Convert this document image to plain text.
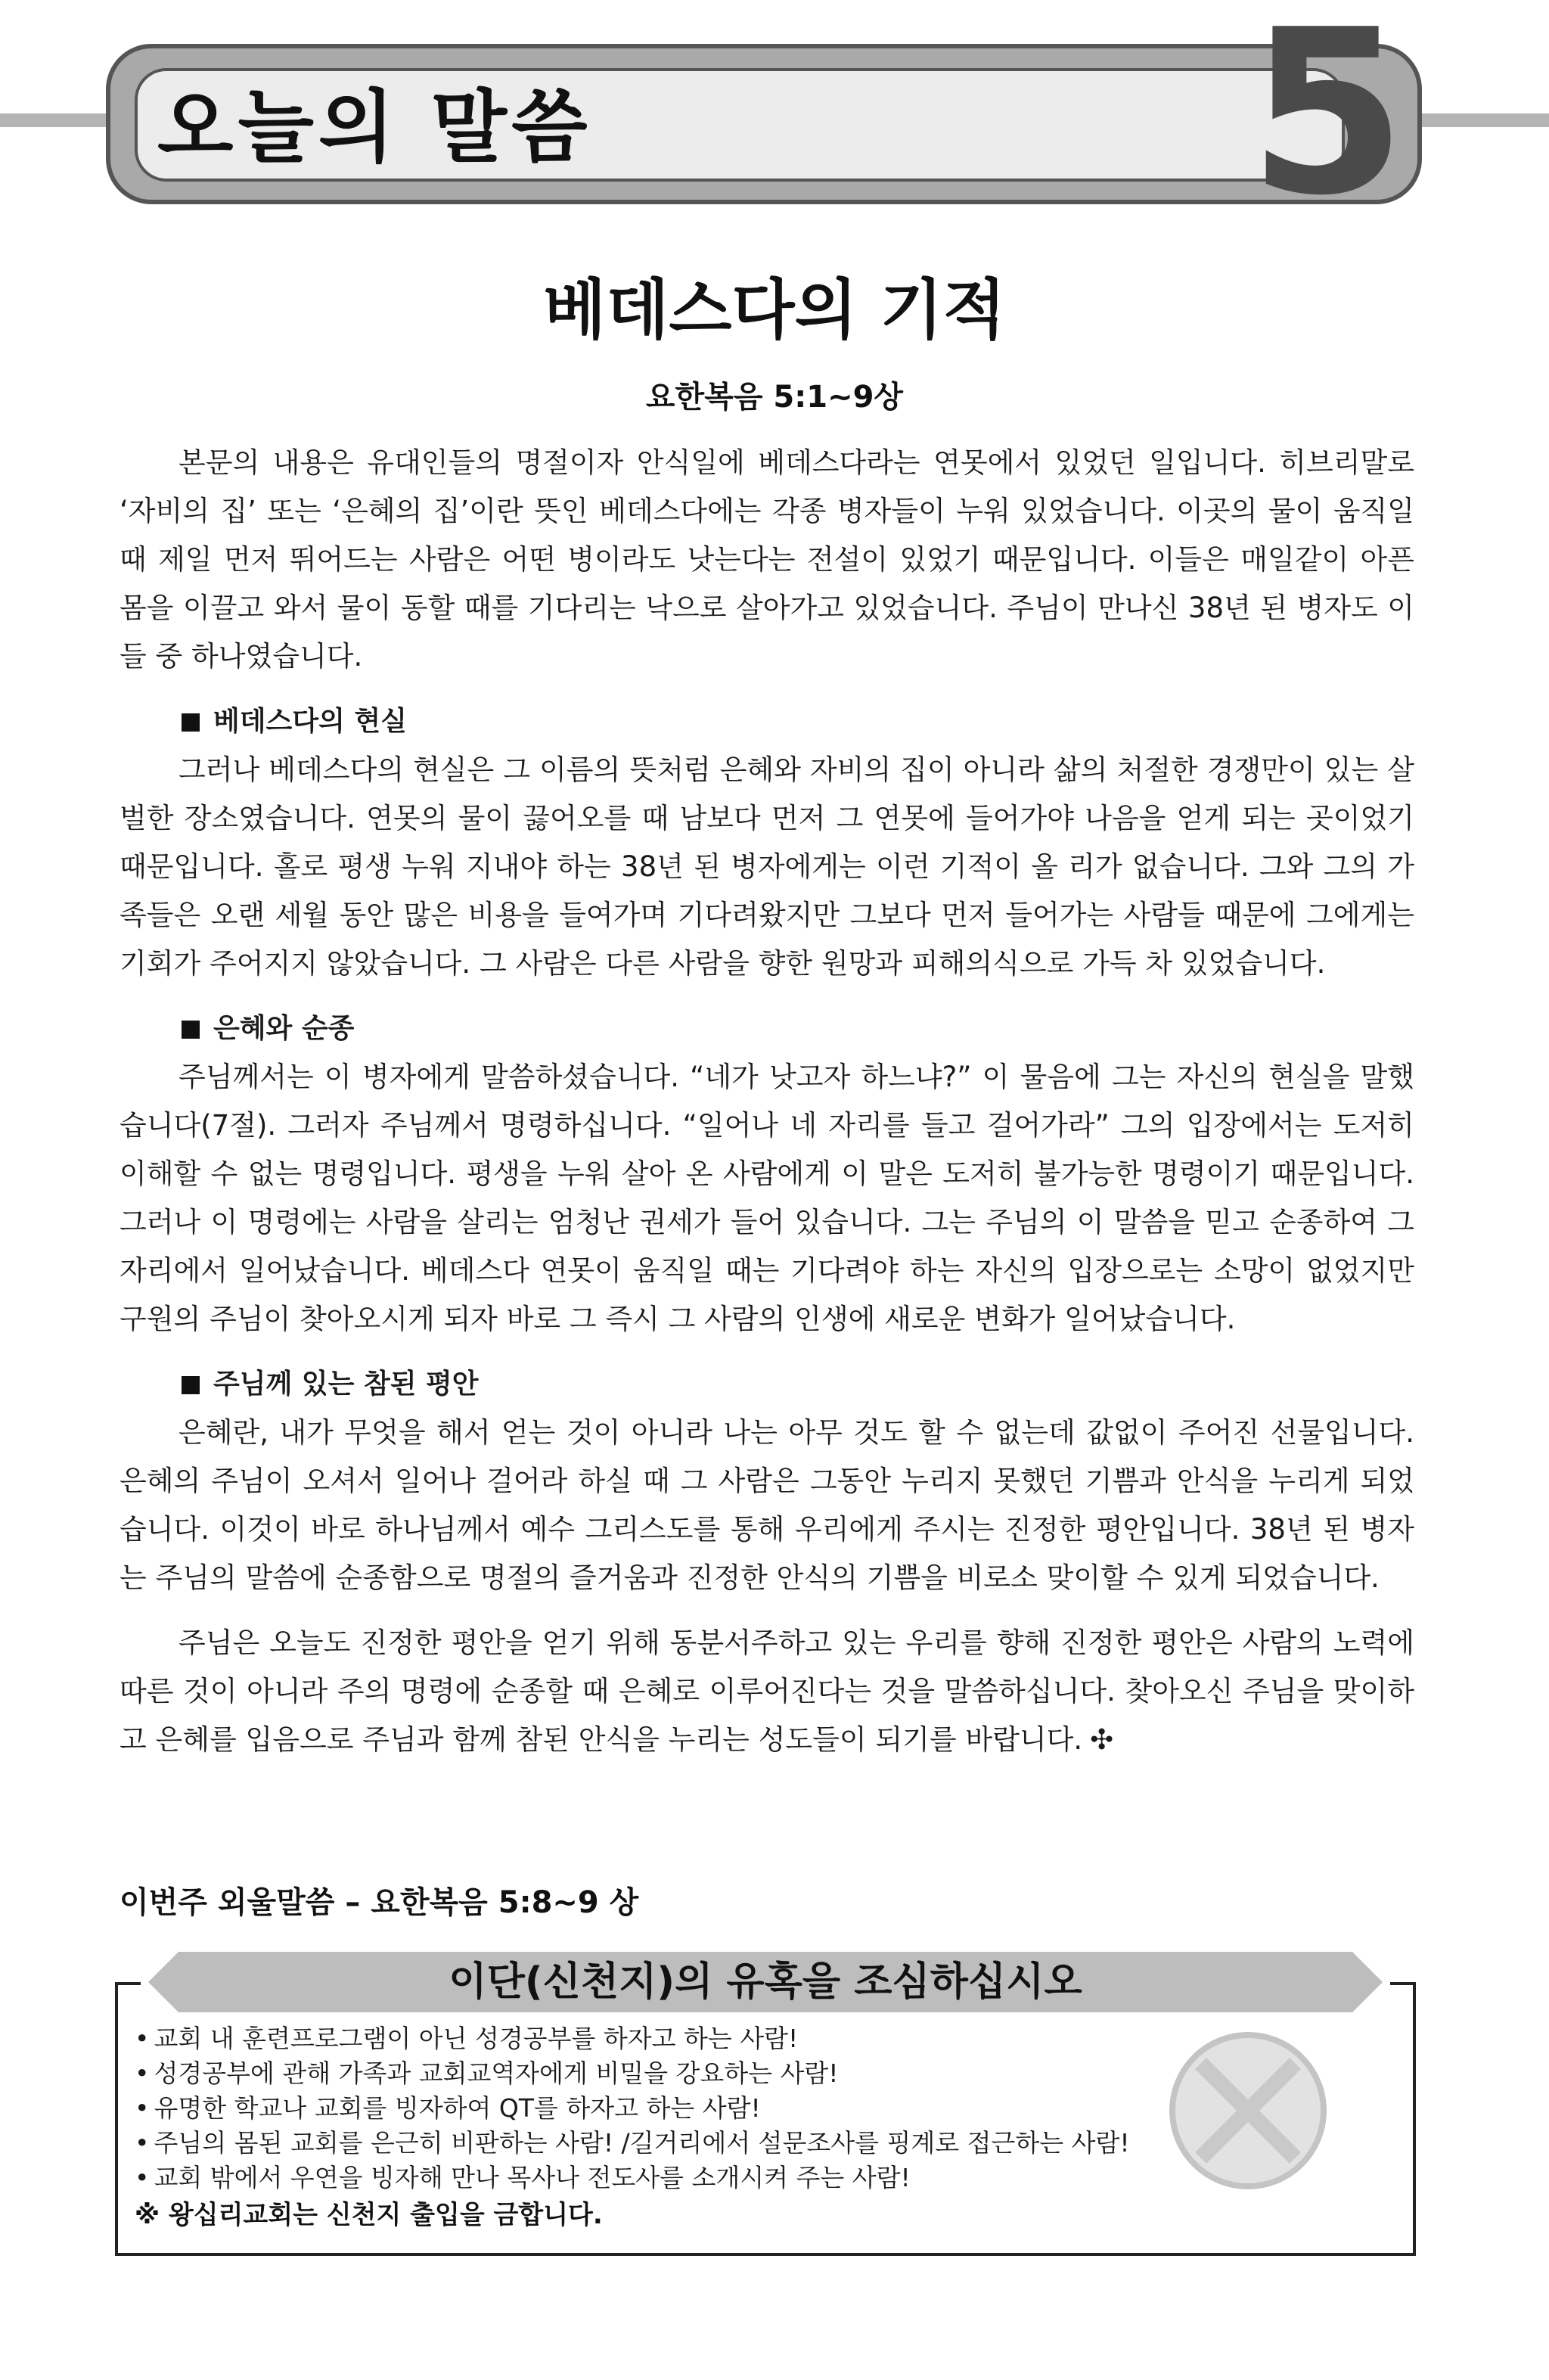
오늘의 말씀	5
베데스다의 기적
요한복음 5:1~9상

본문의 내용은 유대인들의 명절이자 안식일에 베데스다라는 연못에서 있었던 일입니다. 히브리말로 ‘자비의 집’ 또는 ‘은혜의 집’이란 뜻인 베데스다에는 각종 병자들이 누워 있었습니다. 이곳의 물이 움직일 때 제일 먼저 뛰어드는 사람은 어떤 병이라도 낫는다는 전설이 있었기 때문입니다. 이들은 매일같이 아픈 몸을 이끌고 와서 물이 동할 때를 기다리는 낙으로 살아가고 있었습니다. 주님이 만나신 38년 된 병자도 이들 중 하나였습니다.

베데스다의 현실

그러나 베데스다의 현실은 그 이름의 뜻처럼 은혜와 자비의 집이 아니라 삶의 처절한 경쟁만이 있는 살벌한 장소였습니다. 연못의 물이 끓어오를 때 남보다 먼저 그 연못에 들어가야 나음을 얻게 되는 곳이었기 때문입니다. 홀로 평생 누워 지내야 하는 38년 된 병자에게는 이런 기적이 올 리가 없습니다. 그와 그의 가족들은 오랜 세월 동안 많은 비용을 들여가며 기다려왔지만 그보다 먼저 들어가는 사람들 때문에 그에게는 기회가 주어지지 않았습니다. 그 사람은 다른 사람을 향한 원망과 피해의식으로 가득 차 있었습니다.

은혜와 순종

주님께서는 이 병자에게 말씀하셨습니다. “네가 낫고자 하느냐?” 이 물음에 그는 자신의 현실을 말했습니다(7절). 그러자 주님께서 명령하십니다. “일어나 네 자리를 들고 걸어가라” 그의 입장에서는 도저히 이해할 수 없는 명령입니다. 평생을 누워 살아 온 사람에게 이 말은 도저히 불가능한 명령이기 때문입니다. 그러나 이 명령에는 사람을 살리는 엄청난 권세가 들어 있습니다. 그는 주님의 이 말씀을 믿고 순종하여 그 자리에서 일어났습니다. 베데스다 연못이 움직일 때는 기다려야 하는 자신의 입장으로는 소망이 없었지만 구원의 주님이 찾아오시게 되자 바로 그 즉시 그 사람의 인생에 새로운 변화가 일어났습니다.

주님께 있는 참된 평안

은혜란, 내가 무엇을 해서 얻는 것이 아니라 나는 아무 것도 할 수 없는데 값없이 주어진 선물입니다. 은혜의 주님이 오셔서 일어나 걸어라 하실 때 그 사람은 그동안 누리지 못했던 기쁨과 안식을 누리게 되었습니다. 이것이 바로 하나님께서 예수 그리스도를 통해 우리에게 주시는 진정한 평안입니다. 38년 된 병자는 주님의 말씀에 순종함으로 명절의 즐거움과 진정한 안식의 기쁨을 비로소 맞이할 수 있게 되었습니다.

주님은 오늘도 진정한 평안을 얻기 위해 동분서주하고 있는 우리를 향해 진정한 평안은 사람의 노력에 따른 것이 아니라 주의 명령에 순종할 때 은혜로 이루어진다는 것을 말씀하십니다. 찾아오신 주님을 맞이하고 은혜를 입음으로 주님과 함께 참된 안식을 누리는 성도들이 되기를 바랍니다. ✣

이번주 외울말씀 – 요한복음 5:8~9 상
이단(신천지)의 유혹을 조심하십시오
• 교회 내 훈련프로그램이 아닌 성경공부를 하자고 하는 사람!
• 성경공부에 관해 가족과 교회교역자에게 비밀을 강요하는 사람!
• 유명한 학교나 교회를 빙자하여 QT를 하자고 하는 사람!
• 주님의 몸된 교회를 은근히 비판하는 사람! /길거리에서 설문조사를 핑계로 접근하는 사람!
• 교회 밖에서 우연을 빙자해 만나 목사나 전도사를 소개시켜 주는 사람!
※ 왕십리교회는 신천지 출입을 금합니다.
